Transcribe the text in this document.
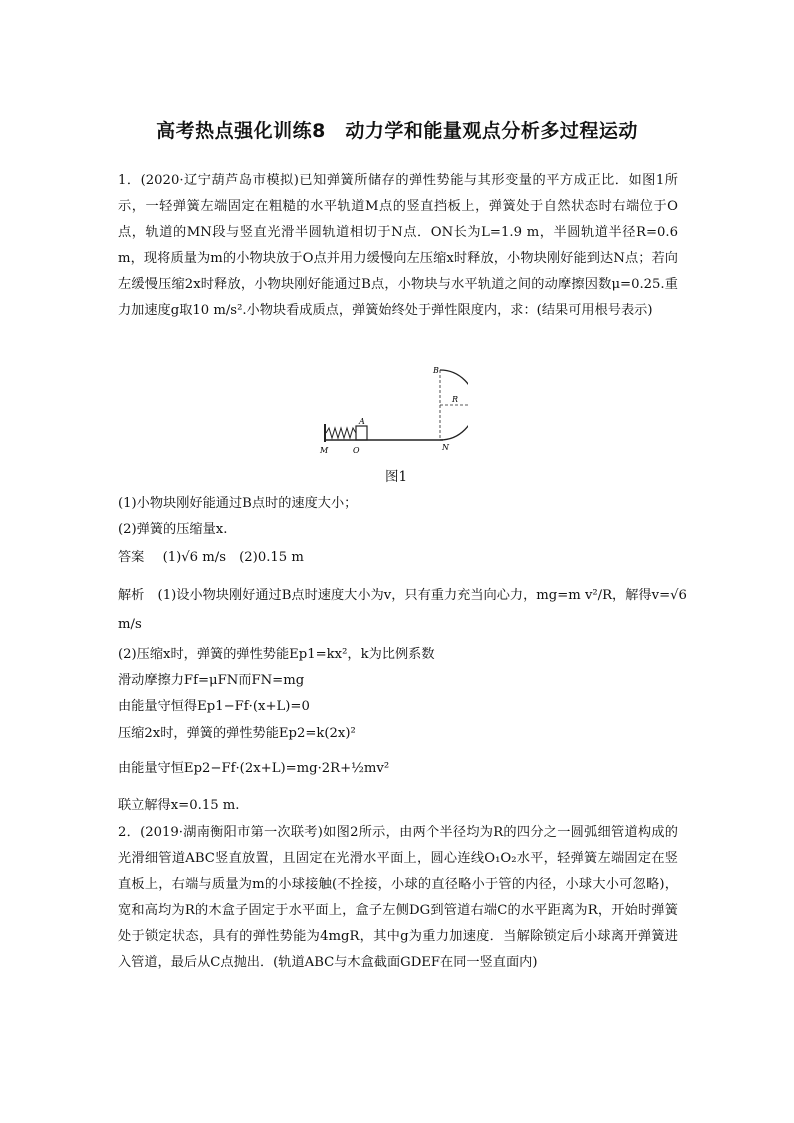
高考热点强化训练8　动力学和能量观点分析多过程运动
1．(2020·辽宁葫芦岛市模拟)已知弹簧所储存的弹性势能与其形变量的平方成正比．如图1所示，一轻弹簧左端固定在粗糙的水平轨道M点的竖直挡板上，弹簧处于自然状态时右端位于O点，轨道的MN段与竖直光滑半圆轨道相切于N点．ON长为L=1.9 m，半圆轨道半径R=0.6 m，现将质量为m的小物块放于O点并用力缓慢向左压缩x时释放，小物块刚好能到达N点；若向左缓慢压缩2x时释放，小物块刚好能通过B点，小物块与水平轨道之间的动摩擦因数μ=0.25.重力加速度g取10 m/s².小物块看成质点，弹簧始终处于弹性限度内，求：(结果可用根号表示)
B
R
A
M	O	N
图1
(1)小物块刚好能通过B点时的速度大小；
(2)弹簧的压缩量x.
答案 (1)√6 m/s　(2)0.15 m
解析　(1)设小物块刚好通过B点时速度大小为v，只有重力充当向心力，mg=m v²/R，解得v=√6
m/s
(2)压缩x时，弹簧的弹性势能Ep1=kx²，k为比例系数
滑动摩擦力Ff=μFN而FN=mg
由能量守恒得Ep1−Ff·(x+L)=0
压缩2x时，弹簧的弹性势能Ep2=k(2x)²
由能量守恒Ep2−Ff·(2x+L)=mg·2R+½mv²
联立解得x=0.15 m.
2．(2019·湖南衡阳市第一次联考)如图2所示，由两个半径均为R的四分之一圆弧细管道构成的光滑细管道ABC竖直放置，且固定在光滑水平面上，圆心连线O₁O₂水平，轻弹簧左端固定在竖直板上，右端与质量为m的小球接触(不拴接，小球的直径略小于管的内径，小球大小可忽略)，宽和高均为R的木盒子固定于水平面上，盒子左侧DG到管道右端C的水平距离为R，开始时弹簧处于锁定状态，具有的弹性势能为4mgR，其中g为重力加速度．当解除锁定后小球离开弹簧进入管道，最后从C点抛出．(轨道ABC与木盒截面GDEF在同一竖直面内)
